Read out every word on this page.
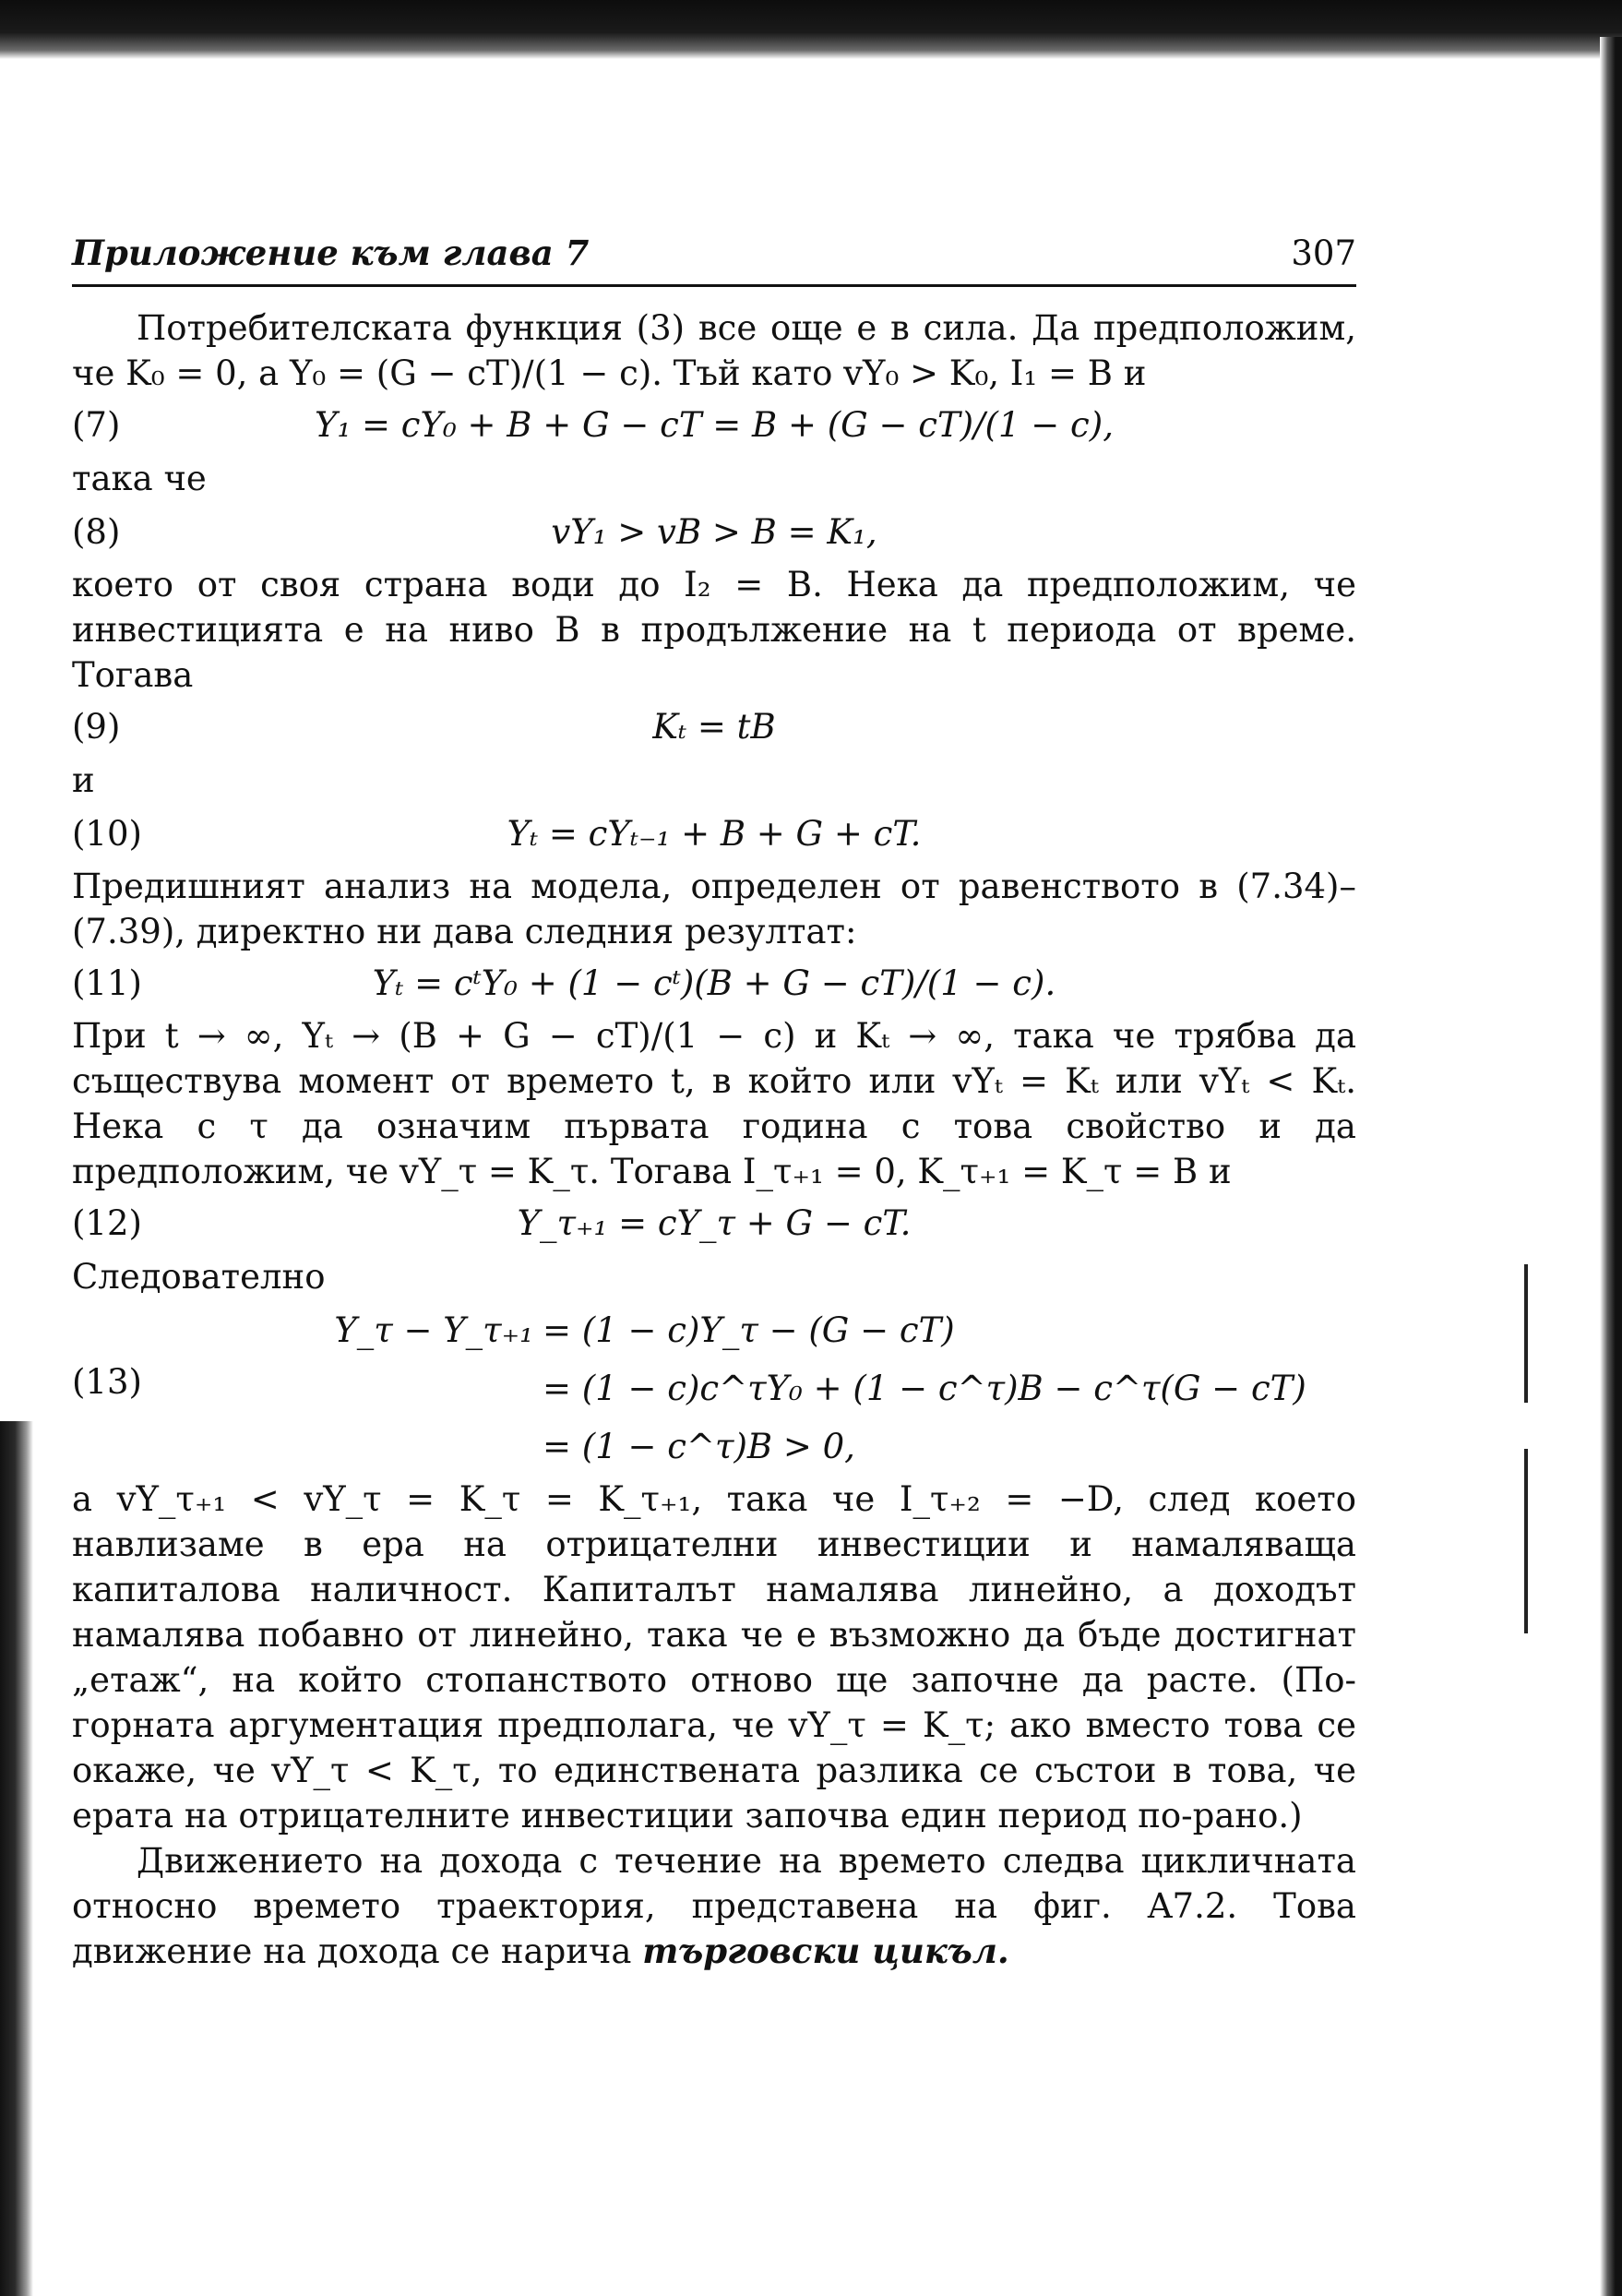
Приложение към глава 7	307

Потребителската функция (3) все още е в сила. Да предположим, че K₀ = 0, а Y₀ = (G − cT)/(1 − c). Тъй като vY₀ > K₀, I₁ = B и

(7)	Y₁ = cY₀ + B + G − cT = B + (G − cT)/(1 − c),

така че

(8)	vY₁ > vB > B = K₁,

което от своя страна води до I₂ = B. Нека да предположим, че инвестицията е на ниво B в продължение на t периода от време. Тогава

(9)	Kₜ = tB

и

(10)	Yₜ = cYₜ₋₁ + B + G + cT.

Предишният анализ на модела, определен от равенството в (7.34)–(7.39), директно ни дава следния резултат:

(11)	Yₜ = cᵗY₀ + (1 − cᵗ)(B + G − cT)/(1 − c).

При t → ∞, Yₜ → (B + G − cT)/(1 − c) и Kₜ → ∞, така че трябва да съществува момент от времето t, в който или vYₜ = Kₜ или vYₜ < Kₜ. Нека с τ да означим първата година с това свойство и да предположим, че vY_τ = K_τ. Тогава I_τ₊₁ = 0, K_τ₊₁ = K_τ = B и

(12)	Y_τ₊₁ = cY_τ + G − cT.

Следователно

(13)
Y_τ − Y_τ₊₁ = (1 − c)Y_τ − (G − cT)
= (1 − c)c^τY₀ + (1 − c^τ)B − c^τ(G − cT)
= (1 − c^τ)B > 0,

а vY_τ₊₁ < vY_τ = K_τ = K_τ₊₁, така че I_τ₊₂ = −D, след което навлизаме в ера на отрицателни инвестиции и намаляваща капиталова наличност. Капиталът намалява линейно, а доходът намалява побавно от линейно, така че е възможно да бъде достигнат „етаж“, на който стопанството отново ще започне да расте. (По-горната аргументация предполага, че vY_τ = K_τ; ако вместо това се окаже, че vY_τ < K_τ, то единствената разлика се състои в това, че ерата на отрицателните инвестиции започва един период по-рано.)

Движението на дохода с течение на времето следва цикличната относно времето траектория, представена на фиг. A7.2. Това движение на дохода се нарича търговски цикъл.
